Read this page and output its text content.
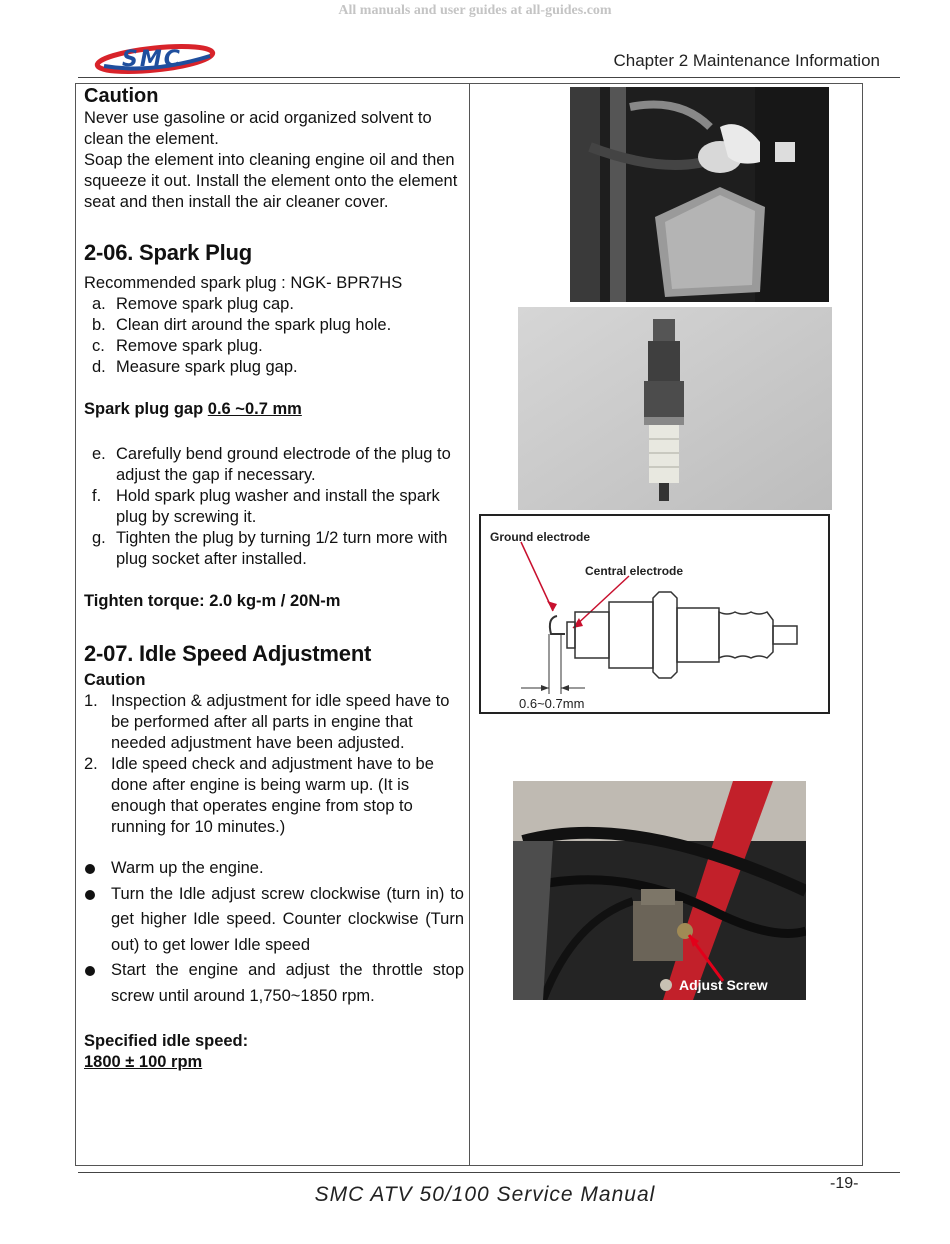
All manuals and user guides at all-guides.com
SMC	Chapter 2 Maintenance Information

Caution

Never use gasoline or acid organized solvent to clean the element.

Soap the element into cleaning engine oil and then squeeze it out. Install the element onto the element seat and then install the air cleaner cover.

2-06. Spark Plug

Recommended spark plug : NGK- BPR7HS

a. Remove spark plug cap.
b. Clean dirt around the spark plug hole.
c. Remove spark plug.
d. Measure spark plug gap.

Spark plug gap 0.6 ~0.7 mm

e. Carefully bend ground electrode of the plug to adjust the gap if necessary.
f. Hold spark plug washer and install the spark plug by screwing it.
g. Tighten the plug by turning 1/2 turn more with plug socket after installed.

Tighten torque: 2.0 kg-m / 20N-m

2-07. Idle Speed Adjustment

Caution

1. Inspection & adjustment for idle speed have to be performed after all parts in engine that needed adjustment have been adjusted.
2. Idle speed check and adjustment have to be done after engine is being warm up. (It is enough that operates engine from stop to running for 10 minutes.)
Warm up the engine.
Turn the Idle adjust screw clockwise (turn in) to get higher Idle speed. Counter clockwise (Turn out) to get lower Idle speed
Start the engine and adjust the throttle stop screw until around 1,750~1850 rpm.

Specified idle speed:

1800 ± 100 rpm

Ground electrode
Central electrode
0.6~0.7mm
Adjust Screw
-19-
SMC ATV 50/100 Service Manual
